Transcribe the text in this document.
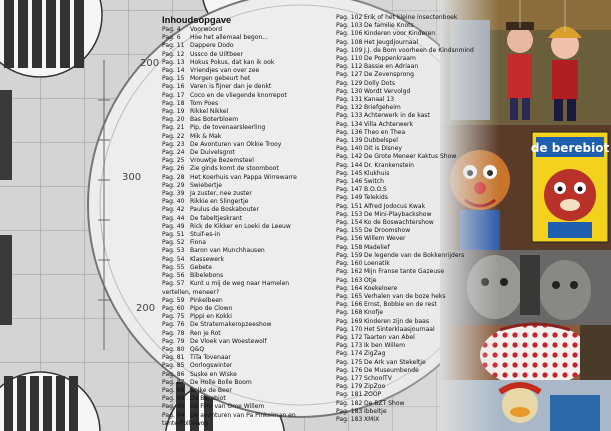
200
300
200
Inhoudsopgave
Pag. 4 Voorwoord
Pag. 6 Hoe het allemaal begon...
Pag. 11 Dappere Dodo
Pag. 12 Ussco de Uiltbeer
Pag. 13 Hokus Pokus, dat kan ik ook
Pag. 14 Vriendjes van over zee
Pag. 15 Morgen gebeurt het
Pag. 16 Varen is fijner dan je denkt
Pag. 17 Coco en de vliegende knorrepot
Pag. 18 Tom Poes
Pag. 19 Rikkel Nikkel
Pag. 20 Bas Boterbloem
Pag. 21 Pip, de tovenaarsleerling
Pag. 22 Mik & Mak
Pag. 23 De Avonturen van Okkie Trooy
Pag. 24 De Duivelsgrot
Pag. 25 Vrouwtje Bezemsteel
Pag. 26 Zie ginds komt de stoomboot
Pag. 28 Het Koerhuis van Pappa Wirrewarre
Pag. 29 Swiebertje
Pag. 39 Ja zuster, nee zuster
Pag. 40 Rikkie en Slingertje
Pag. 42 Paulus de Boskabouter
Pag. 44 De fabeltjeskrant
Pag. 49 Rick de Kikker en Loeki de Leeuw
Pag. 51 Stuif-es-in
Pag. 52 Fiona
Pag. 53 Baron van Munchhausen
Pag. 54 Klassewerk
Pag. 55 Gebete
Pag. 56 Bibelebons
Pag. 57 Kunt u mij de weg naar Hamelen vertellen, meneer?
Pag. 59 Pinkelbeen
Pag. 60 Pipo de Clown
Pag. 75 Pippi en Kokki
Pag. 76 De Stratemakeropzeeshow
Pag. 78 Ren je Rot
Pag. 79 De Vloek van Woestewolf
Pag. 80 Q&Q
Pag. 81 TiTa Tovenaar
Pag. 85 Oorlogswinter
Pag. 86 Suske en Wiske
Pag. 87 De Holle Bolle Boom
Pag. 88 Bolke de Beer
Pag. 89 De Berebiot
Pag. 90 De Film van Ome Willem
Pag. 94 De avonturen van Pa Pinkelman en tante Polliewop
Pag. 102 Erik of het kleine insectenboek
Pag. 103 De familie Knots
Pag. 106 Kinderen voor Kinderen
Pag. 108 Het Jeugdjournaal
Pag. 109 J.J. de Bom voorheen de Kindsnmind
Pag. 110 De Poppenkraam
Pag. 112 Bassie en Adriaan
Pag. 127 De Zevensprong
Pag. 129 Dolly Dots
Pag. 130 Wordt Vervolgd
Pag. 131 Kanaal 13
Pag. 132 Briefgeheim
Pag. 133 Achterwerk in de kast
Pag. 134 Villa Achterwerk
Pag. 136 Theo en Thea
Pag. 139 Dubbelspel
Pag. 140 Dit is Disney
Pag. 142 De Grote Meneer Kaktus Show
Pag. 144 Dr. Krankenstein
Pag. 145 Klukhuis
Pag. 146 Switch
Pag. 147 B.O.O.S
Pag. 149 Telekids
Pag. 151 Alfred Jodocus Kwak
Pag. 153 De Mini-Playbackshow
Pag. 154 Ko de Boswachtershow
Pag. 155 De Droomshow
Pag. 156 Willem Wever
Pag. 158 Madelief
Pag. 159 De legende van de Bokkenrijders
Pag. 160 Loenatik
Pag. 162 Mijn Franse tante Gazeuse
Pag. 163 Otje
Pag. 164 Koekeloere
Pag. 165 Verhalen van de boze heks
Pag. 166 Ernst, Bobbie en de rest
Pag. 168 Knofje
Pag. 169 Kinderen zijn de baas
Pag. 170 Het Sinterklaasjournaal
Pag. 172 Taarten van Abel
Pag. 173 Ik ben Willem
Pag. 174 ZigZag
Pag. 175 De Ark van Stekeltje
Pag. 176 De Museumbende
Pag. 177 SchoolTV
Pag. 179 ZipZoo
Pag. 181 ZOOP
Pag. 182 De BZT Show
Pag. 183 Ibbeltje
Pag. 183 XMIX
